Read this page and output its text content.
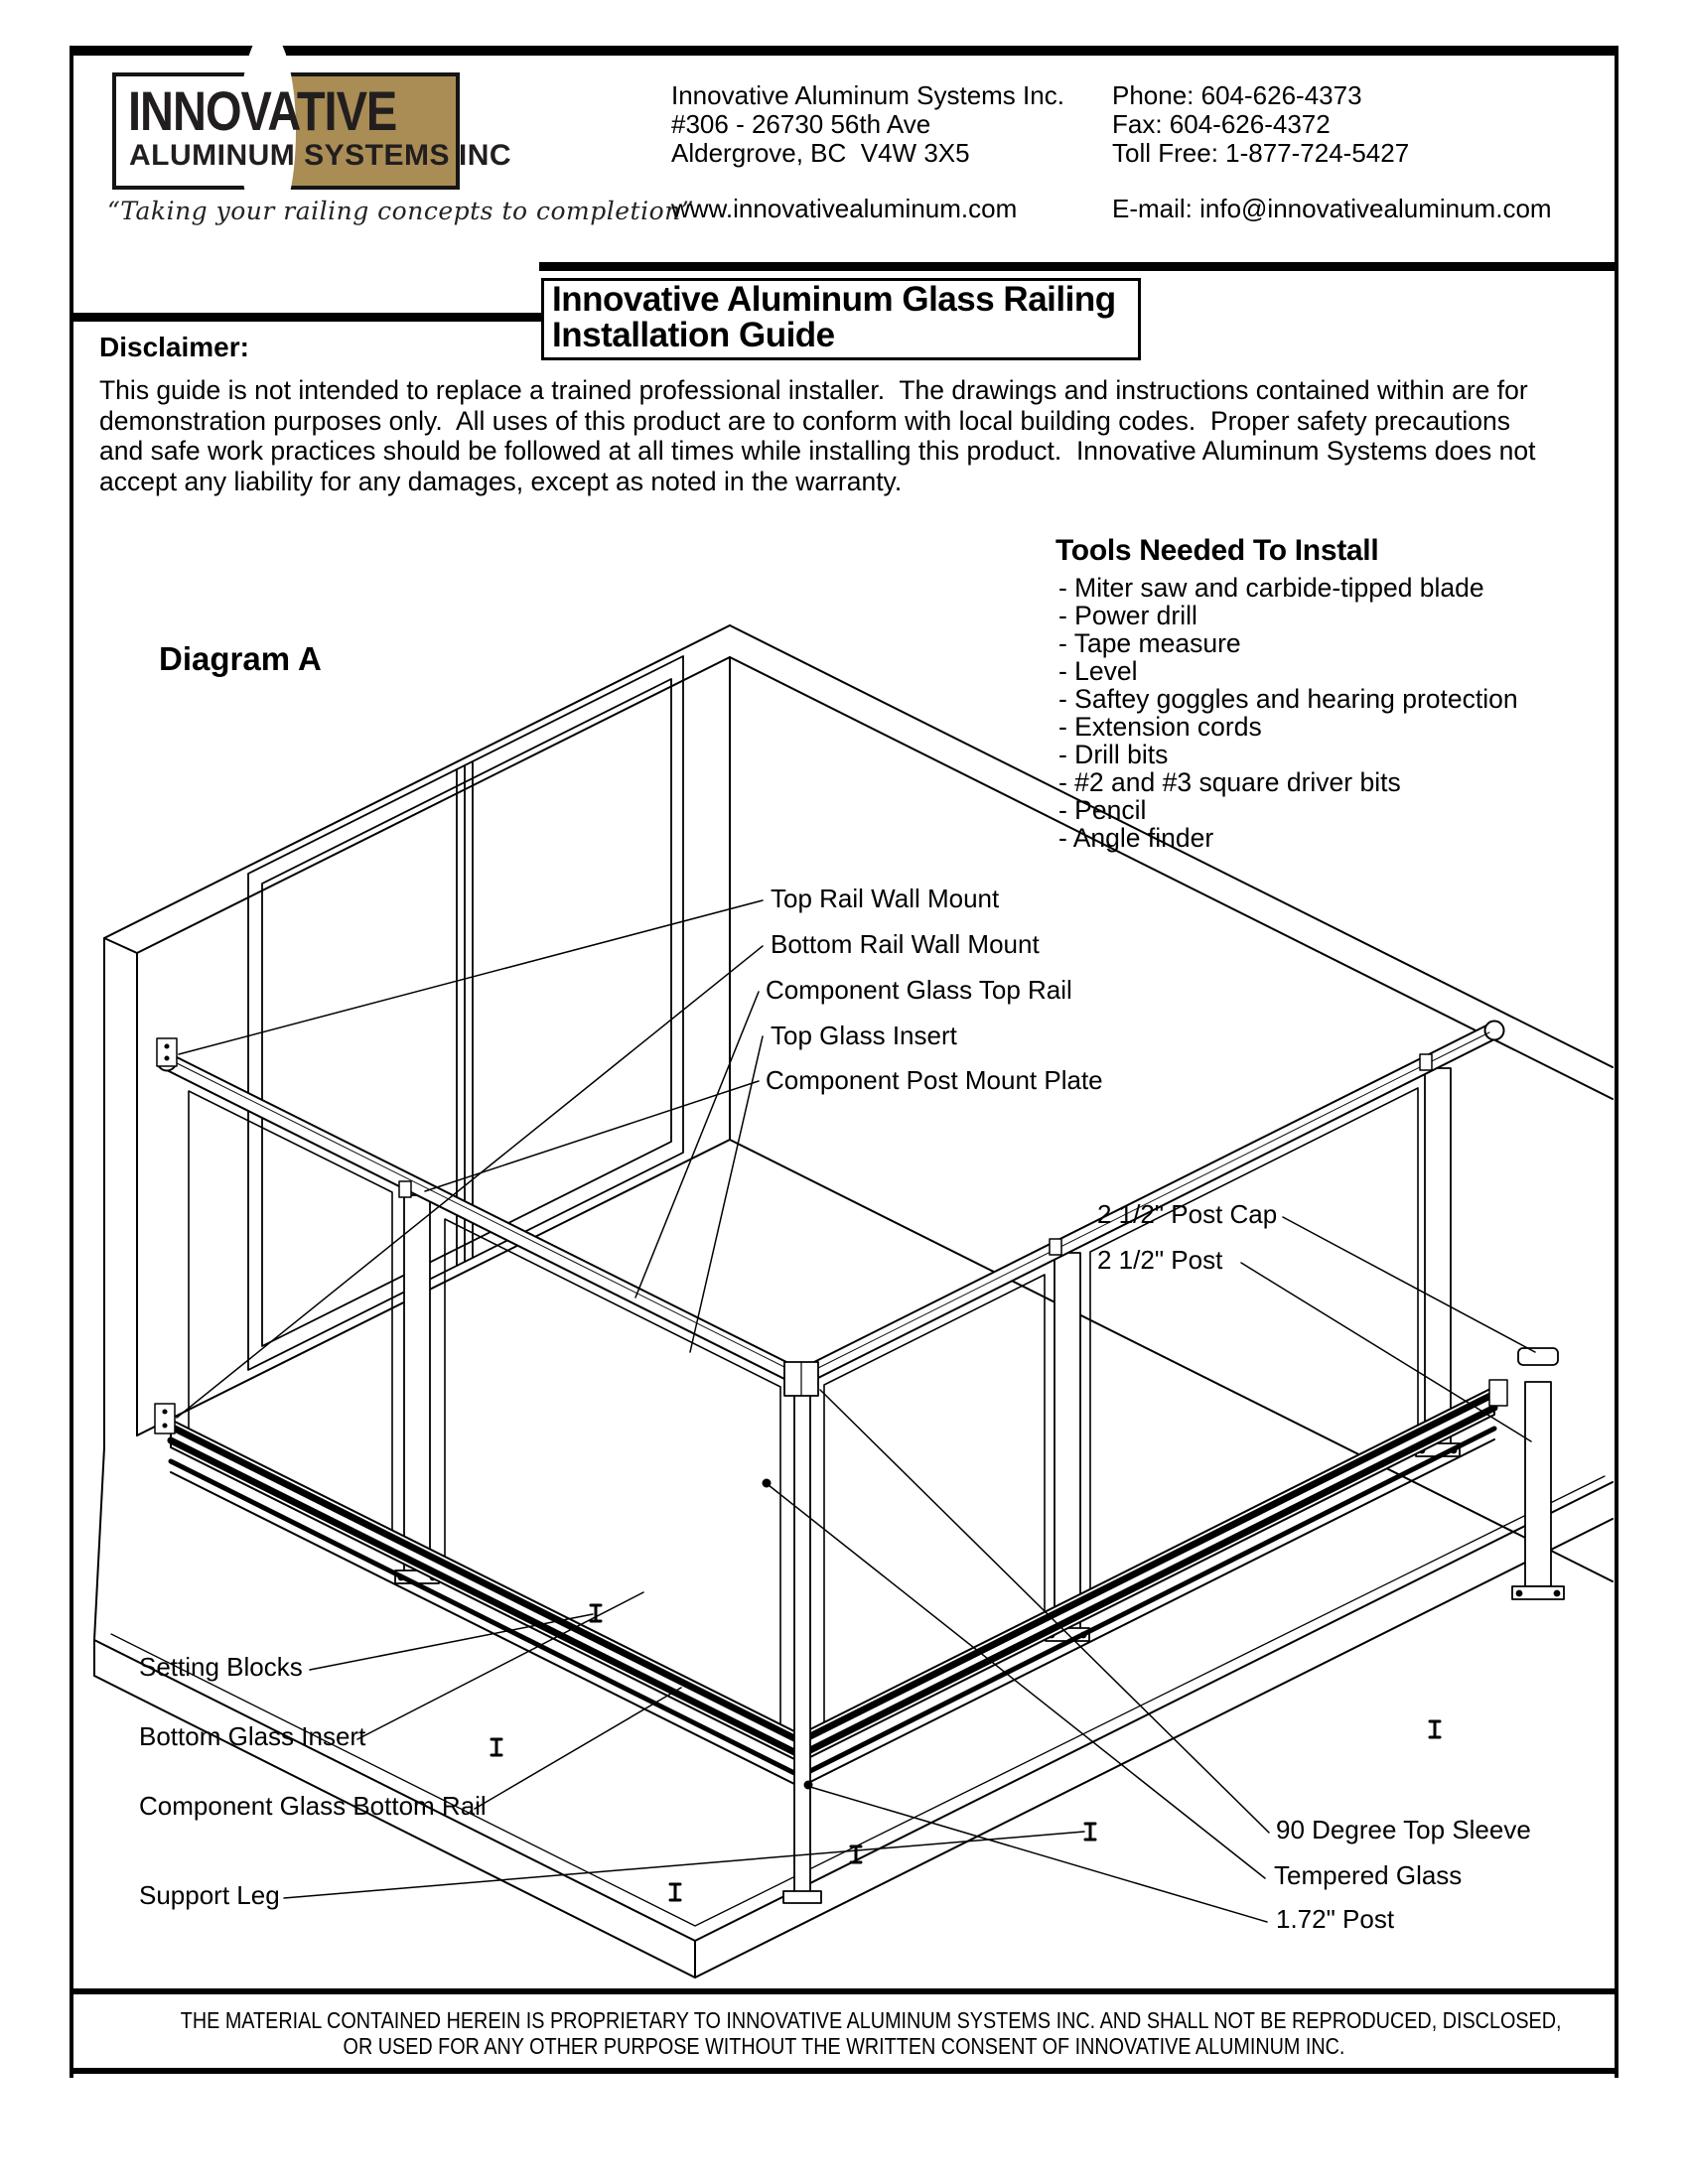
INNOVATIVE
ALUMINUM SYSTEMS INC
“Taking your railing concepts to completion”
Innovative Aluminum Systems Inc.
#306 - 26730 56th Ave
Aldergrove, BC  V4W 3X5
www.innovativealuminum.com
Phone: 604-626-4373
Fax: 604-626-4372
Toll Free: 1-877-724-5427
E-mail: info@innovativealuminum.com
Innovative Aluminum Glass Railing
Installation Guide
Disclaimer:
This guide is not intended to replace a trained professional installer.  The drawings and instructions contained within are for demonstration purposes only.  All uses of this product are to conform with local building codes.  Proper safety precautions and safe work practices should be followed at all times while installing this product.  Innovative Aluminum Systems does not accept any liability for any damages, except as noted in the warranty.
Tools Needed To Install
- Miter saw and carbide-tipped blade
- Power drill
- Tape measure
- Level
- Saftey goggles and hearing protection
- Extension cords
- Drill bits
- #2 and #3 square driver bits
- Pencil
- Angle finder
Diagram A
Top Rail Wall Mount
Bottom Rail Wall Mount
Component Glass Top Rail
Top Glass Insert
Component Post Mount Plate
2 1/2" Post Cap
2 1/2" Post
Setting Blocks
Bottom Glass Insert
Component Glass Bottom Rail
Support Leg
90 Degree Top Sleeve
Tempered Glass
1.72" Post
THE MATERIAL CONTAINED HEREIN IS PROPRIETARY TO INNOVATIVE ALUMINUM SYSTEMS INC. AND SHALL NOT BE REPRODUCED, DISCLOSED,
OR USED FOR ANY OTHER PURPOSE WITHOUT THE WRITTEN CONSENT OF INNOVATIVE ALUMINUM INC.
